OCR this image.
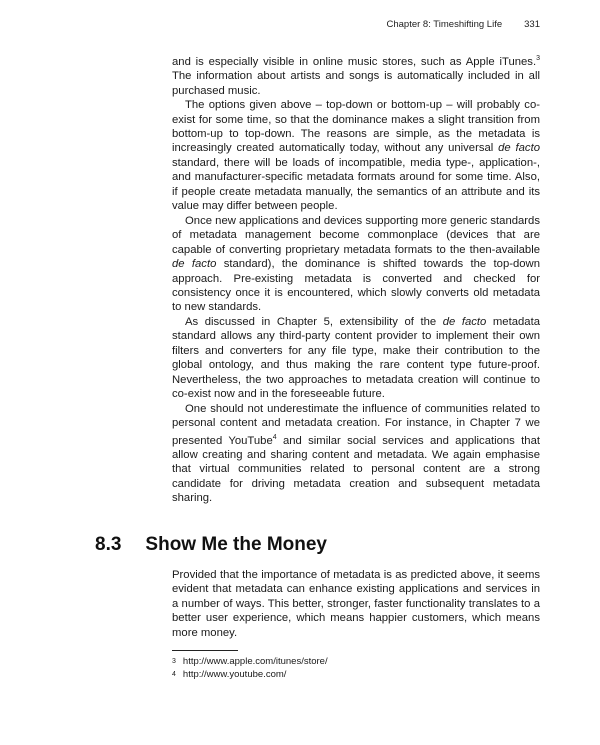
Chapter 8: Timeshifting Life 331

and is especially visible in online music stores, such as Apple iTunes.$^3$ The information about artists and songs is automatically included in all purchased music.

The options given above – top-down or bottom-up – will probably co-exist for some time, so that the dominance makes a slight transition from bottom-up to top-down. The reasons are simple, as the metadata is increasingly created automatically today, without any universal de facto standard, there will be loads of incompatible, media type-, application-, and manufacturer-specific metadata formats around for some time. Also, if people create metadata manually, the semantics of an attribute and its value may differ between people.

Once new applications and devices supporting more generic standards of metadata management become commonplace (devices that are capable of converting proprietary metadata formats to the then-available de facto standard), the dominance is shifted towards the top-down approach. Pre-existing metadata is converted and checked for consistency once it is encountered, which slowly converts old metadata to new standards.

As discussed in Chapter 5, extensibility of the de facto metadata standard allows any third-party content provider to implement their own filters and converters for any file type, make their contribution to the global ontology, and thus making the rare content type future-proof. Nevertheless, the two approaches to metadata creation will continue to co-exist now and in the foreseeable future.

One should not underestimate the influence of communities related to personal content and metadata creation. For instance, in Chapter 7 we presented YouTube$^4$ and similar social services and applications that allow creating and sharing content and metadata. We again emphasise that virtual communities related to personal content are a strong candidate for driving metadata creation and subsequent metadata sharing.

8.3 Show Me the Money

Provided that the importance of metadata is as predicted above, it seems evident that metadata can enhance existing applications and services in a number of ways. This better, stronger, faster functionality translates to a better user experience, which means happier customers, which means more money.

3 http://www.apple.com/itunes/store/
4 http://www.youtube.com/
